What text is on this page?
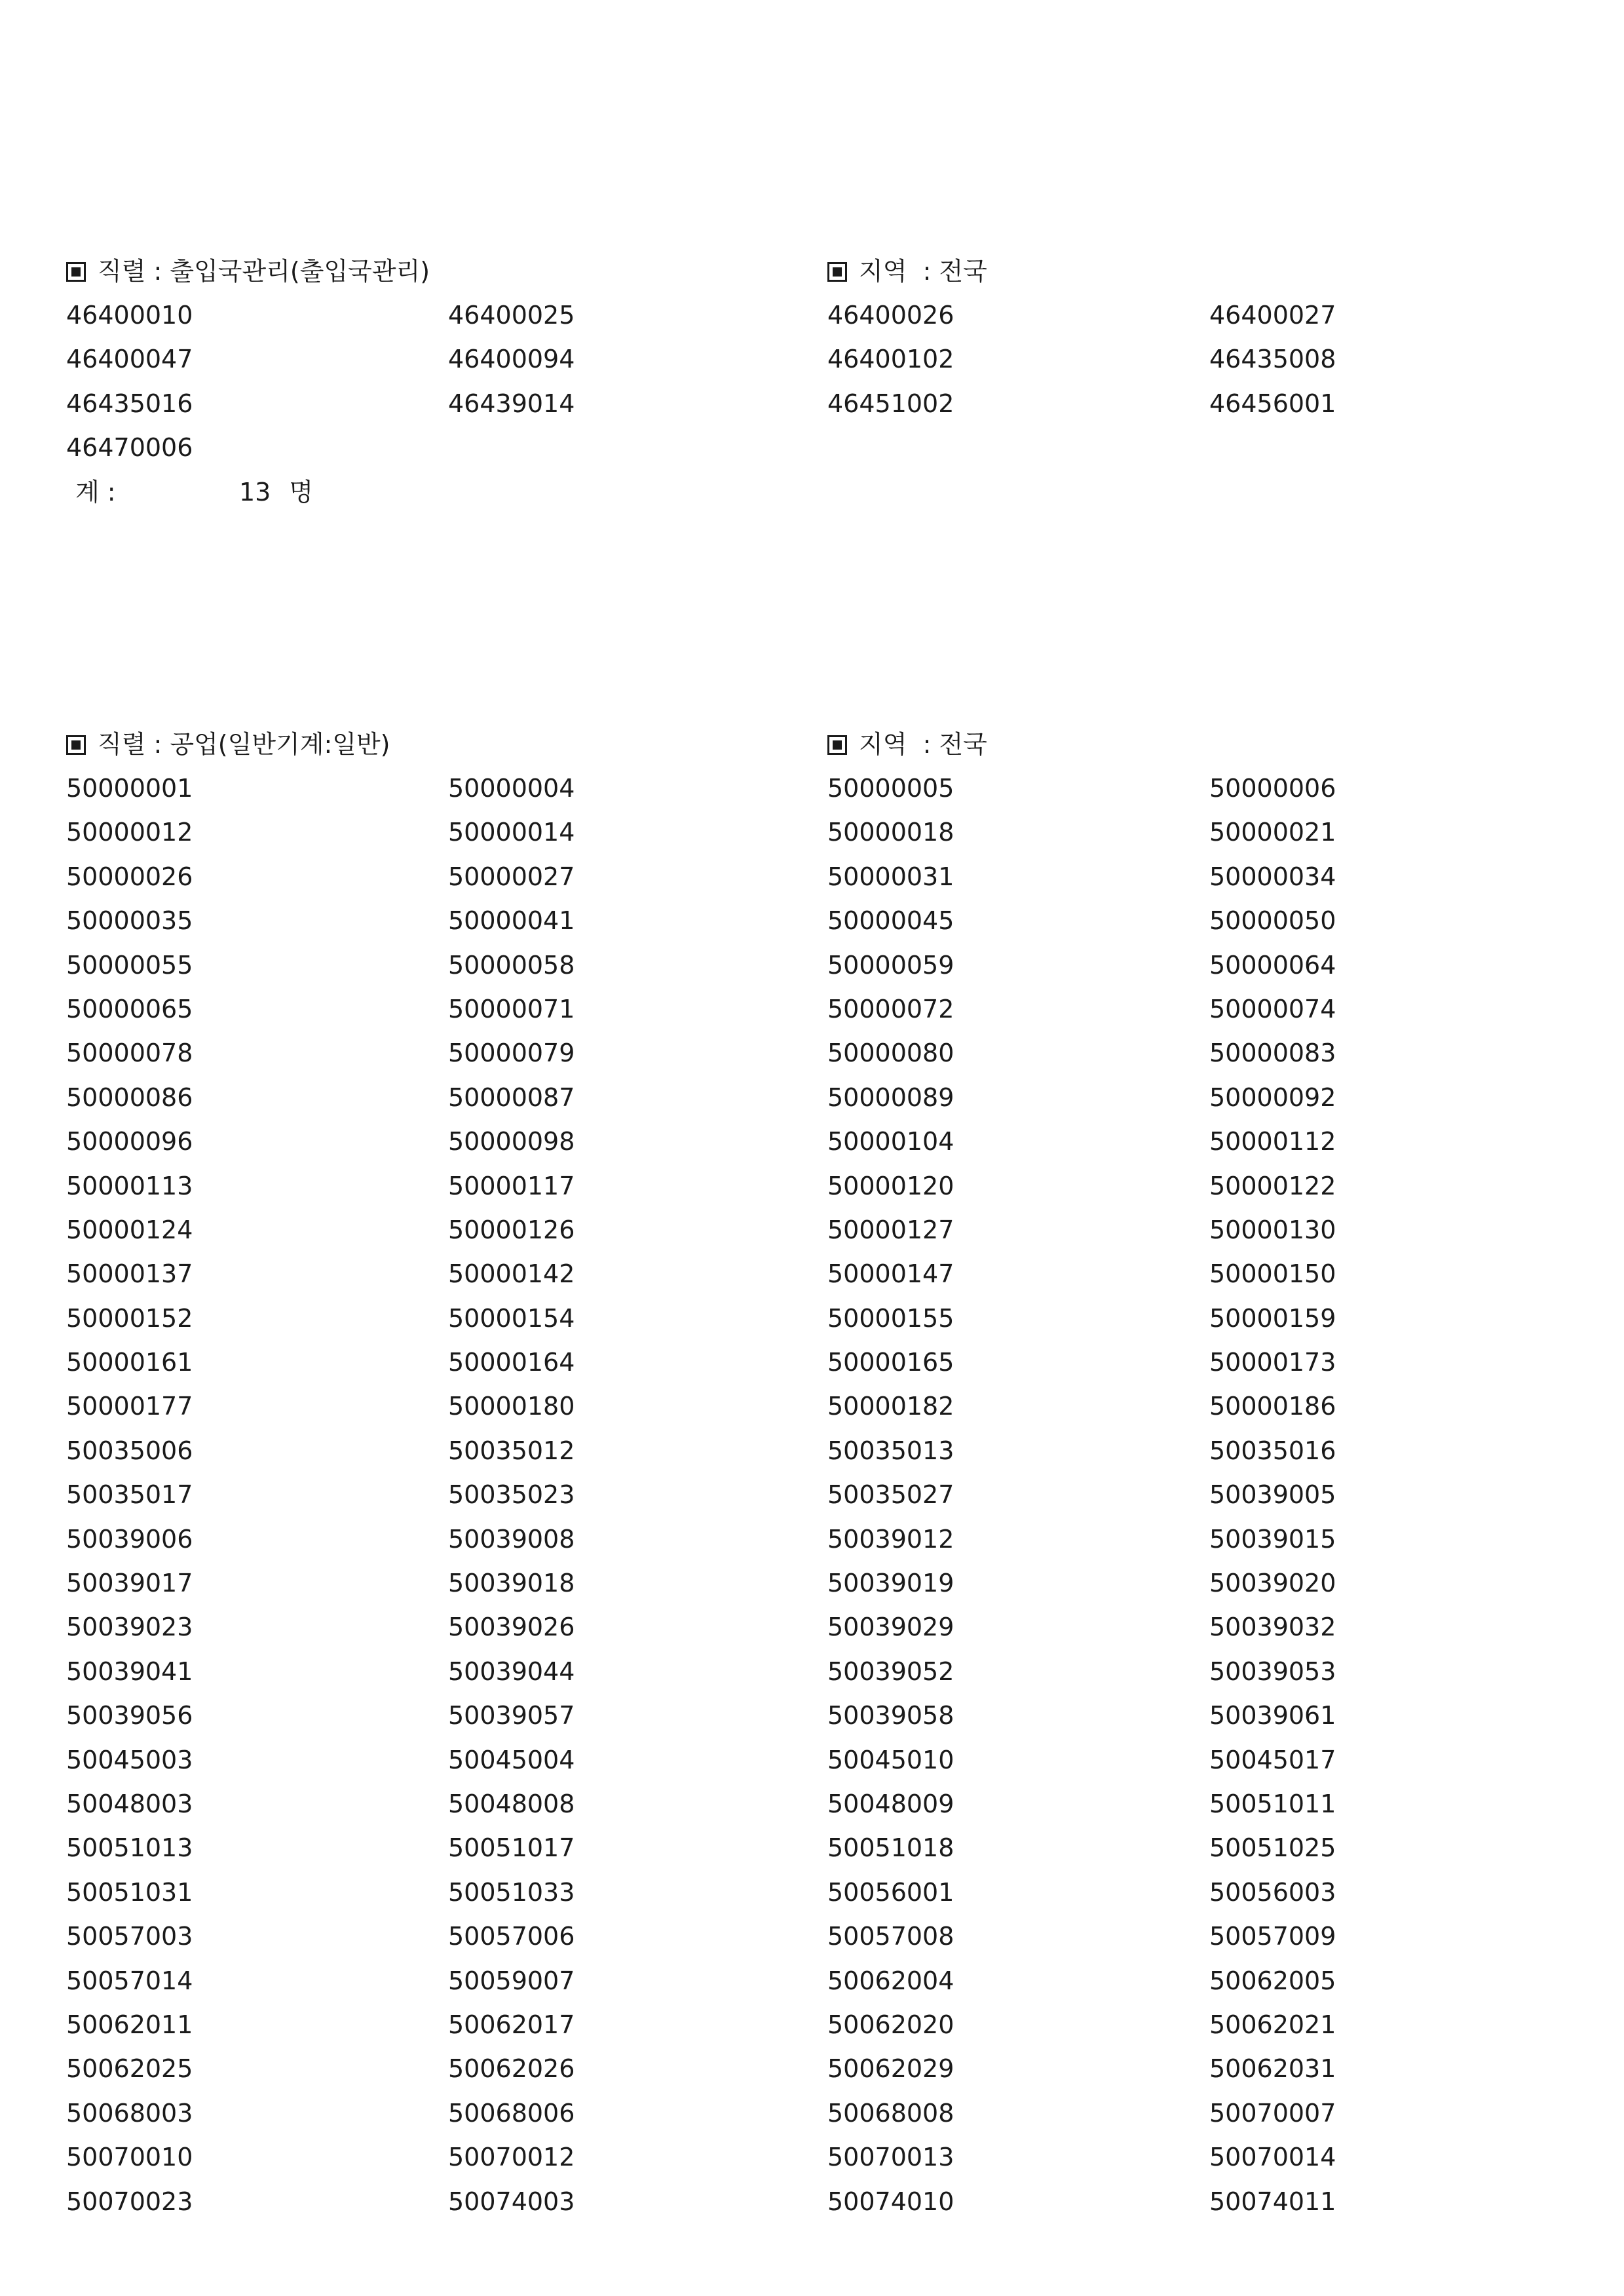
직렬 : 출입국관리(출입국관리)	지역 : 전국
46400010	46400025	46400026	46400027
46400047	46400094	46400102	46435008
46435016	46439014	46451002	46456001
46470006
계 :	13 명
직렬 : 공업(일반기계:일반)	지역 : 전국
50000001	50000004	50000005	50000006
50000012	50000014	50000018	50000021
50000026	50000027	50000031	50000034
50000035	50000041	50000045	50000050
50000055	50000058	50000059	50000064
50000065	50000071	50000072	50000074
50000078	50000079	50000080	50000083
50000086	50000087	50000089	50000092
50000096	50000098	50000104	50000112
50000113	50000117	50000120	50000122
50000124	50000126	50000127	50000130
50000137	50000142	50000147	50000150
50000152	50000154	50000155	50000159
50000161	50000164	50000165	50000173
50000177	50000180	50000182	50000186
50035006	50035012	50035013	50035016
50035017	50035023	50035027	50039005
50039006	50039008	50039012	50039015
50039017	50039018	50039019	50039020
50039023	50039026	50039029	50039032
50039041	50039044	50039052	50039053
50039056	50039057	50039058	50039061
50045003	50045004	50045010	50045017
50048003	50048008	50048009	50051011
50051013	50051017	50051018	50051025
50051031	50051033	50056001	50056003
50057003	50057006	50057008	50057009
50057014	50059007	50062004	50062005
50062011	50062017	50062020	50062021
50062025	50062026	50062029	50062031
50068003	50068006	50068008	50070007
50070010	50070012	50070013	50070014
50070023	50074003	50074010	50074011
